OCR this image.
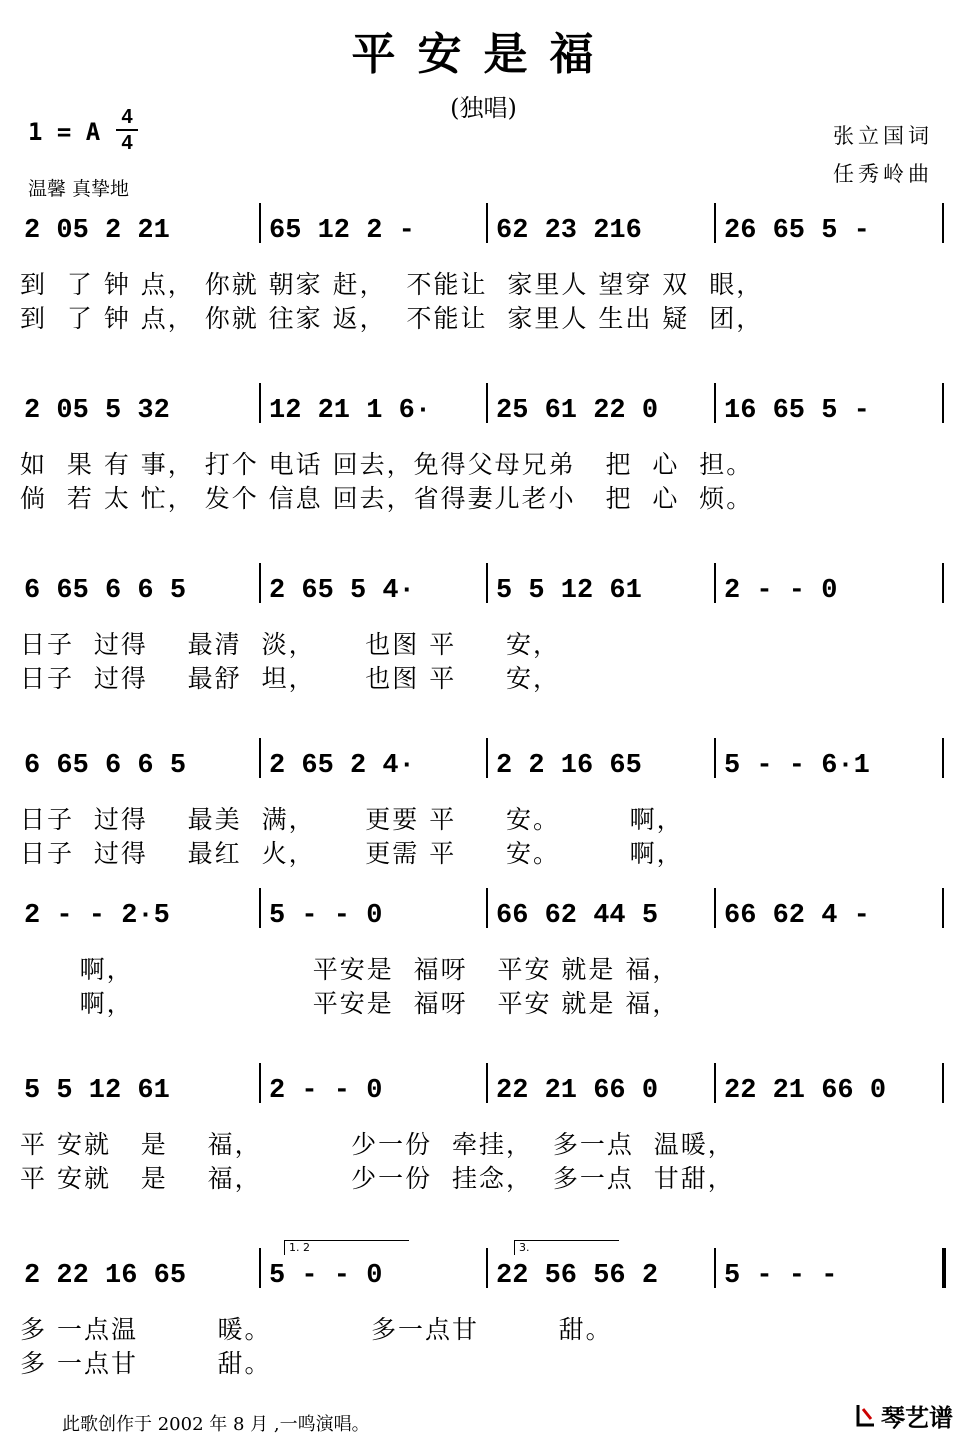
平安是福
(独唱)
1 = A
4
4
温馨 真挚地
张立国词
任秀岭曲
2 05 2 21	65 12 2 -	62 23 216	26 65 5 -
到  了 钟 点， 你就 朝家 赶，  不能让  家里人 望穿 双  眼，
到  了 钟 点， 你就 往家 返，  不能让  家里人 生出 疑  团，
2 05 5 32	12 21 1 6·	25 61 22 0	16 65 5 -
如  果 有 事， 打个 电话 回去，免得父母兄弟   把  心  担。
倘  若 太 忙， 发个 信息 回去，省得妻儿老小   把  心  烦。
6 65 6 6 5	2 65 5 4·	5 5 12 61	2 - - 0
日子  过得    最清  淡，     也图 平     安，
日子  过得    最舒  坦，     也图 平     安，
6 65 6 6 5	2 65 2 4·	2 2 16 65	5 - - 6·1
日子  过得    最美  满，     更要 平     安。       啊，
日子  过得    最红  火，     更需 平     安。       啊，
2 - - 2·5	5 - - 0	66 62 44 5	66 62 4 -
啊，                  平安是  福呀   平安 就是 福，
啊，                  平安是  福呀   平安 就是 福，
5 5 12 61	2 - - 0	22 21 66 0	22 21 66 0
平 安就   是    福，         少一份  牵挂，  多一点  温暖，
平 安就   是    福，         少一份  挂念，  多一点  甘甜，
2 22 16 65	5 - - 0	22 56 56 2	5 - - -
1. 2	3.
多 一点温        暖。          多一点甘        甜。
多 一点甘        甜。
此歌创作于 2002 年 8 月 ,一鸣演唱。	琴艺谱
